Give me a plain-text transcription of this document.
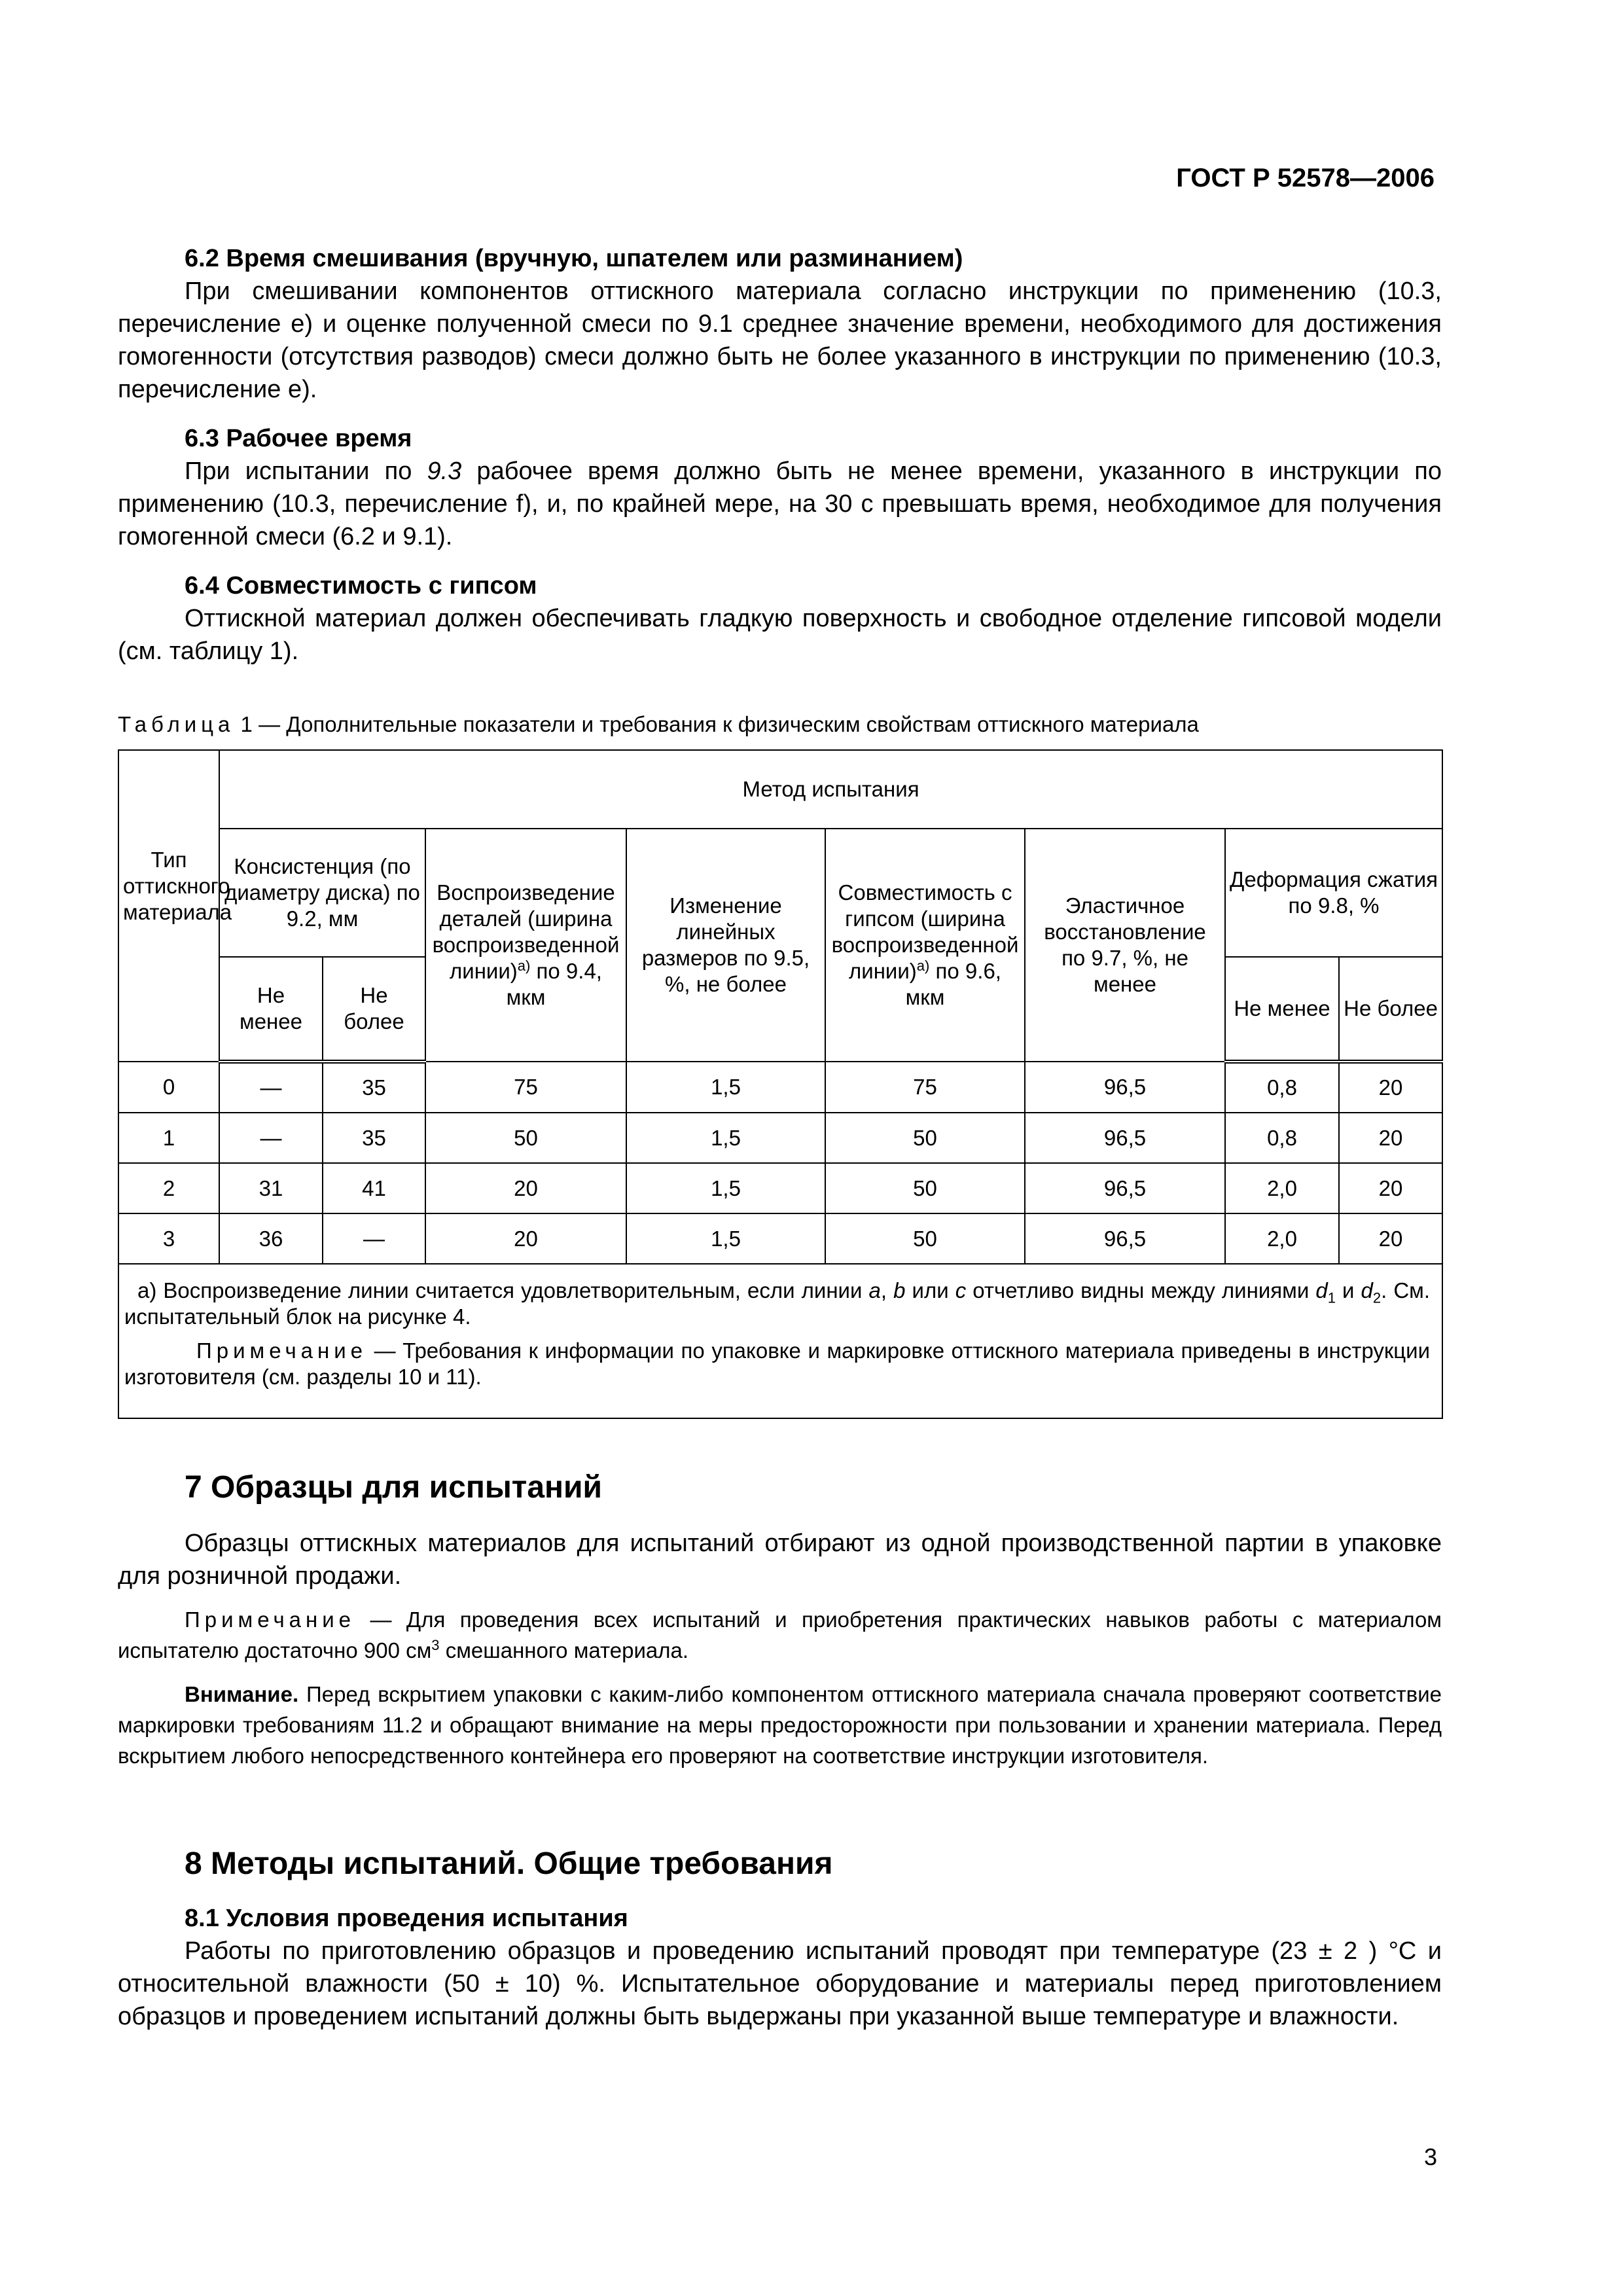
ГОСТ Р 52578—2006

6.2 Время смешивания (вручную, шпателем или разминанием)

При смешивании компонентов оттискного материала согласно инструкции по применению (10.3, перечисление е) и оценке полученной смеси по 9.1 среднее значение времени, необходимого для достижения гомогенности (отсутствия разводов) смеси должно быть не более указанного в инструкции по применению (10.3, перечисление е).

6.3 Рабочее время

При испытании по 9.3 рабочее время должно быть не менее времени, указанного в инструкции по применению (10.3, перечисление f), и, по крайней мере, на 30 с превышать время, необходимое для получения гомогенной смеси (6.2 и 9.1).

6.4 Совместимость с гипсом

Оттискной материал должен обеспечивать гладкую поверхность и свободное отделение гипсовой модели (см. таблицу 1).

Таблица 1 — Дополнительные показатели и требования к физическим свойствам оттискного материала
Тип оттискного материала	Метод испытания							
	Консистенция (по диаметру диска) по 9.2, мм		Воспроизведение деталей (ширина воспроизведенной линии)$^{а)}$ по 9.4, мкм	Изменение линейных размеров по 9.5, %, не более	Совместимость с гипсом (ширина воспроизведенной линии)$^{а)}$ по 9.6, мкм	Эластичное восстановление по 9.7, %, не менее	Деформация сжатия по 9.8, %	
	Не менее	Не более					Не менее	Не более
0	—	35	75	1,5	75	96,5	0,8	20
1	—	35	50	1,5	50	96,5	0,8	20
2	31	41	20	1,5	50	96,5	2,0	20
3	36	—	20	1,5	50	96,5	2,0	20

а) Воспроизведение линии считается удовлетворительным, если линии a, b или c отчетливо видны между линиями $d_1$ и $d_2$. См. испытательный блок на рисунке 4.

Примечание — Требования к информации по упаковке и маркировке оттискного материала приведены в инструкции изготовителя (см. разделы 10 и 11).								

7 Образцы для испытаний

Образцы оттискных материалов для испытаний отбирают из одной производственной партии в упаковке для розничной продажи.

Примечание — Для проведения всех испытаний и приобретения практических навыков работы с материалом испытателю достаточно 900 $см^3$ смешанного материала.

Внимание. Перед вскрытием упаковки с каким-либо компонентом оттискного материала сначала проверяют соответствие маркировки требованиям 11.2 и обращают внимание на меры предосторожности при пользовании и хранении материала. Перед вскрытием любого непосредственного контейнера его проверяют на соответствие инструкции изготовителя.

8 Методы испытаний. Общие требования

8.1 Условия проведения испытания

Работы по приготовлению образцов и проведению испытаний проводят при температуре (23 ± 2 ) °С и относительной влажности (50 ± 10) %. Испытательное оборудование и материалы перед приготовлением образцов и проведением испытаний должны быть выдержаны при указанной выше температуре и влажности.

3
